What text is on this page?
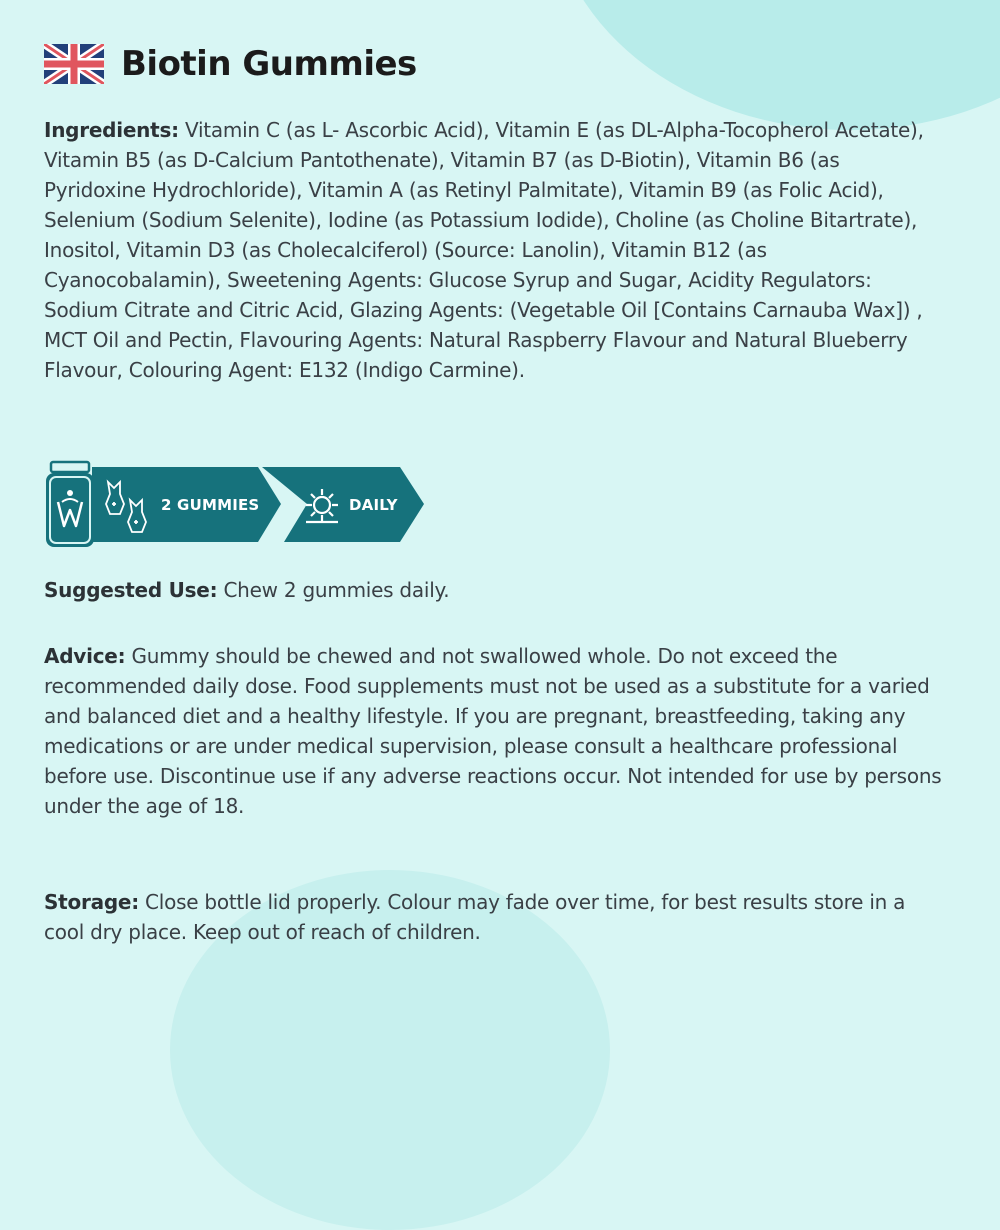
Biotin Gummies

Ingredients: Vitamin C (as L- Ascorbic Acid), Vitamin E (as DL-Alpha-Tocopherol Acetate), Vitamin B5 (as D-Calcium Pantothenate), Vitamin B7 (as D-Biotin), Vitamin B6 (as Pyridoxine Hydrochloride), Vitamin A (as Retinyl Palmitate), Vitamin B9 (as Folic Acid), Selenium (Sodium Selenite), Iodine (as Potassium Iodide), Choline (as Choline Bitartrate), Inositol, Vitamin D3 (as Cholecalciferol) (Source: Lanolin), Vitamin B12 (as Cyanocobalamin), Sweetening Agents: Glucose Syrup and Sugar, Acidity Regulators: Sodium Citrate and Citric Acid, Glazing Agents: (Vegetable Oil [Contains Carnauba Wax]) , MCT Oil and Pectin, Flavouring Agents: Natural Raspberry Flavour and Natural Blueberry Flavour, Colouring Agent: E132 (Indigo Carmine).

2 GUMMIES	DAILY

Suggested Use: Chew 2 gummies daily.

Advice: Gummy should be chewed and not swallowed whole. Do not exceed the recommended daily dose. Food supplements must not be used as a substitute for a varied and balanced diet and a healthy lifestyle. If you are pregnant, breastfeeding, taking any medications or are under medical supervision, please consult a healthcare professional before use. Discontinue use if any adverse reactions occur. Not intended for use by persons under the age of 18.

Storage: Close bottle lid properly. Colour may fade over time, for best results store in a cool dry place. Keep out of reach of children.
